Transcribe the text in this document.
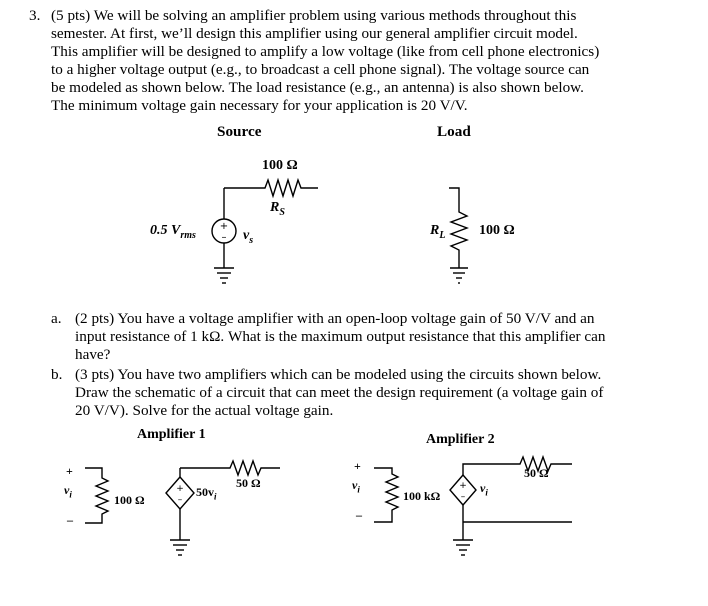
3. (5 pts) We will be solving an amplifier problem using various methods throughout this
semester. At first, we’ll design this amplifier using our general amplifier circuit model.
This amplifier will be designed to amplify a low voltage (like from cell phone electronics)
to a higher voltage output (e.g., to broadcast a cell phone signal). The voltage source can
be modeled as shown below. The load resistance (e.g., an antenna) is also shown below.
The minimum voltage gain necessary for your application is 20 V/V.
Source	Load
+
–
+
–
+
–
100 Ω
$R_S$
0.5 $V_{rms}$	$v_s$
$R_L$ 100 Ω
a. (2 pts) You have a voltage amplifier with an open-loop voltage gain of 50 V/V and an
input resistance of 1 kΩ. What is the maximum output resistance that this amplifier can
have?
b. (3 pts) You have two amplifiers which can be modeled using the circuits shown below.
Draw the schematic of a circuit that can meet the design requirement (a voltage gain of
20 V/V). Solve for the actual voltage gain.
Amplifier 1
+
$v_i$
–
100 Ω
$50v_i$
50 Ω
Amplifier 2
+
$v_i$
–
100 kΩ
$v_i$
50 Ω
